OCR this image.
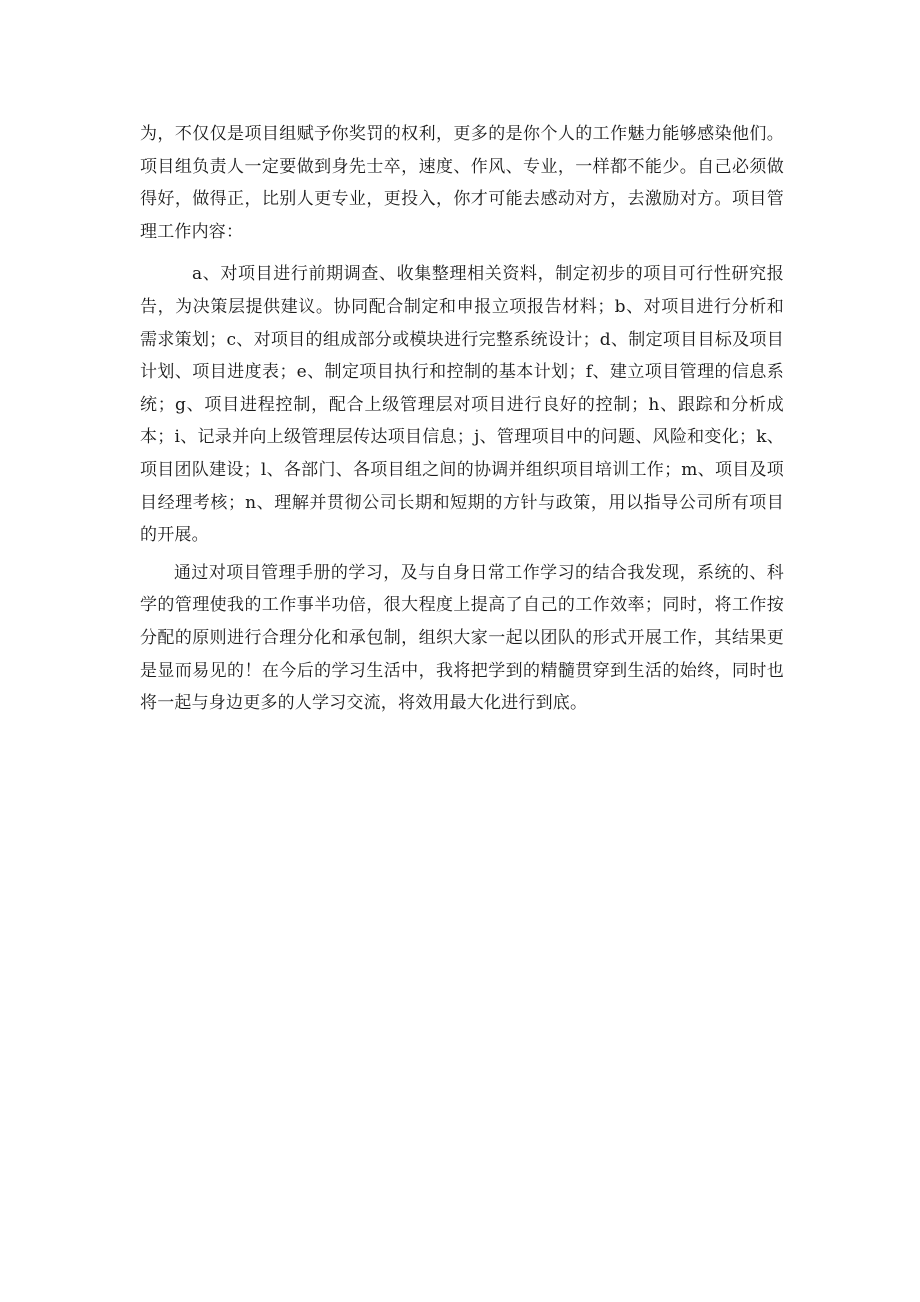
为，不仅仅是项目组赋予你奖罚的权利，更多的是你个人的工作魅力能够感染他们。项目组负责人一定要做到身先士卒，速度、作风、专业，一样都不能少。自己必须做得好，做得正，比别人更专业，更投入，你才可能去感动对方，去激励对方。项目管理工作内容：

a、对项目进行前期调查、收集整理相关资料，制定初步的项目可行性研究报告，为决策层提供建议。协同配合制定和申报立项报告材料；b、对项目进行分析和需求策划；c、对项目的组成部分或模块进行完整系统设计；d、制定项目目标及项目计划、项目进度表；e、制定项目执行和控制的基本计划；f、建立项目管理的信息系统；g、项目进程控制，配合上级管理层对项目进行良好的控制；h、跟踪和分析成本；i、记录并向上级管理层传达项目信息；j、管理项目中的问题、风险和变化；k、项目团队建设；l、各部门、各项目组之间的协调并组织项目培训工作；m、项目及项目经理考核；n、理解并贯彻公司长期和短期的方针与政策，用以指导公司所有项目的开展。

通过对项目管理手册的学习，及与自身日常工作学习的结合我发现，系统的、科学的管理使我的工作事半功倍，很大程度上提高了自己的工作效率；同时，将工作按分配的原则进行合理分化和承包制，组织大家一起以团队的形式开展工作，其结果更是显而易见的！在今后的学习生活中，我将把学到的精髓贯穿到生活的始终，同时也将一起与身边更多的人学习交流，将效用最大化进行到底。
